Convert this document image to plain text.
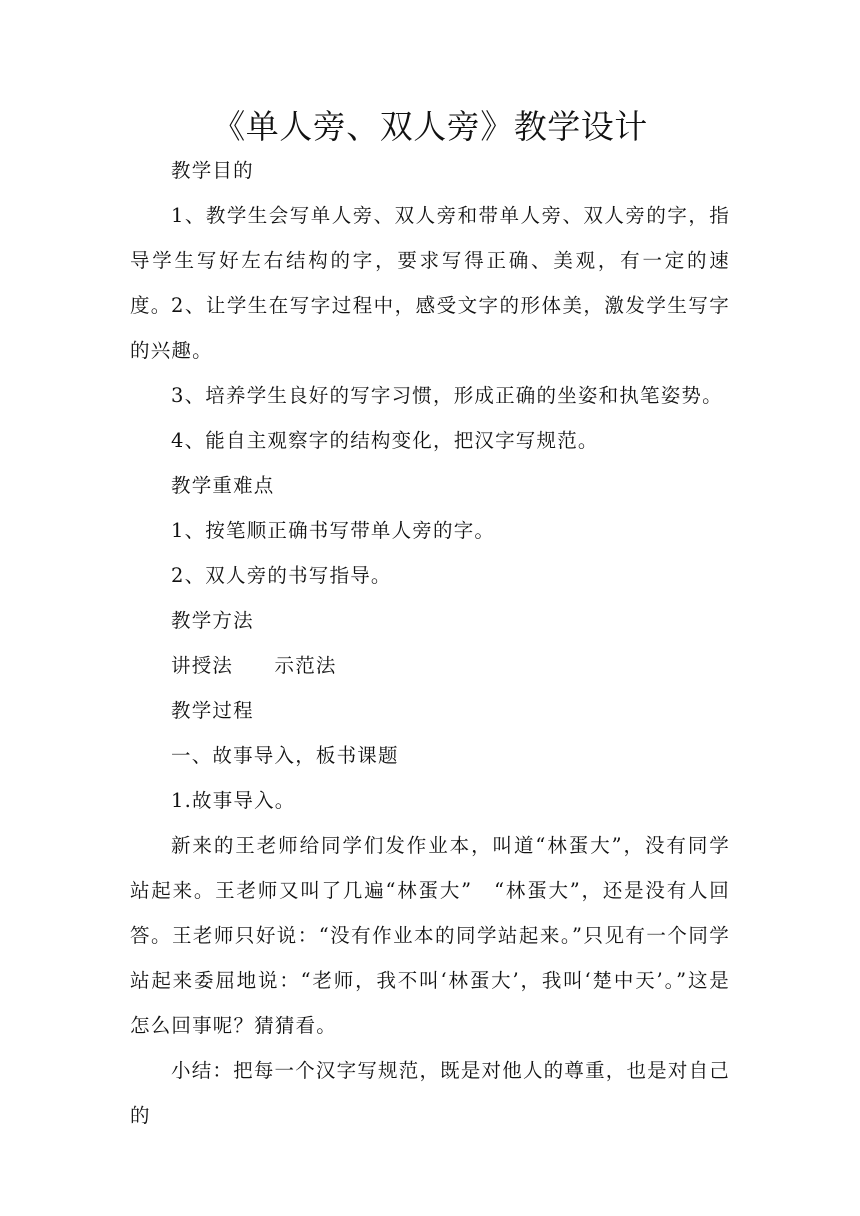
《单人旁、双人旁》教学设计

教学目的

1、教学生会写单人旁、双人旁和带单人旁、双人旁的字，指导学生写好左右结构的字，要求写得正确、美观，有一定的速度。 2、让学生在写字过程中，感受文字的形体美，激发学生写字的兴趣。

3、培养学生良好的写字习惯，形成正确的坐姿和执笔姿势。

4、能自主观察字的结构变化，把汉字写规范。

教学重难点

1、按笔顺正确书写带单人旁的字。

2、双人旁的书写指导。

教学方法

讲授法　　示范法

教学过程

一、故事导入，板书课题

1.故事导入。

新来的王老师给同学们发作业本，叫道“林蛋大”，没有同学站起来。王老师又叫了几遍“林蛋大”　“林蛋大”，还是没有人回答。王老师只好说：“没有作业本的同学站起来。”只见有一个同学站起来委屈地说：“老师，我不叫‘林蛋大’，我叫‘楚中天’。”这是怎么回事呢？猜猜看。

小结：把每一个汉字写规范，既是对他人的尊重，也是对自己的
